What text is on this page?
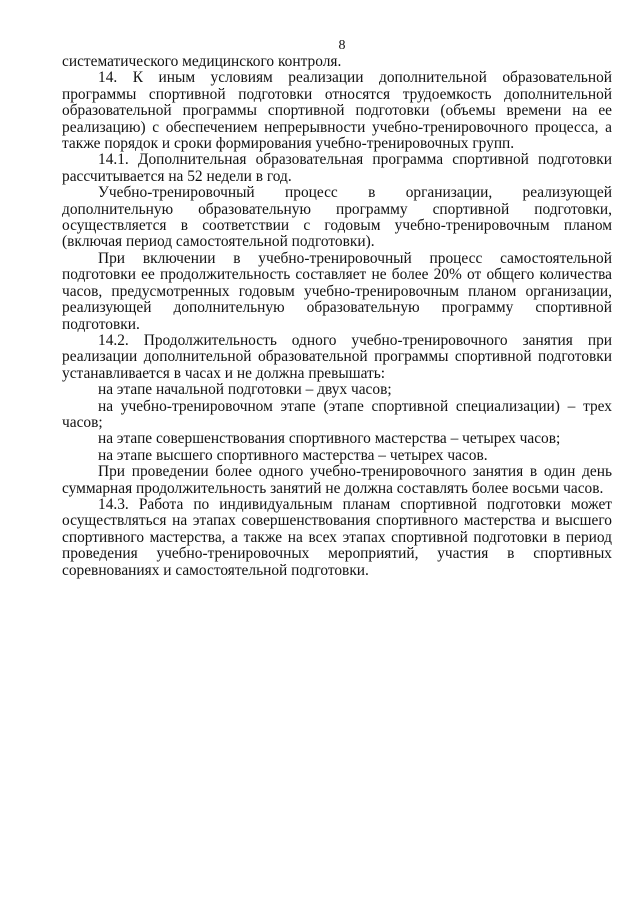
8

систематического медицинского контроля.

14. К иным условиям реализации дополнительной образовательной программы спортивной подготовки относятся трудоемкость дополнительной образовательной программы спортивной подготовки (объемы времени на ее реализацию) с обеспечением непрерывности учебно-тренировочного процесса, а также порядок и сроки формирования учебно-тренировочных групп.

14.1. Дополнительная образовательная программа спортивной подготовки рассчитывается на 52 недели в год.

Учебно-тренировочный процесс в организации, реализующей дополнительную образовательную программу спортивной подготовки, осуществляется в соответствии с годовым учебно-тренировочным планом (включая период самостоятельной подготовки).

При включении в учебно-тренировочный процесс самостоятельной подготовки ее продолжительность составляет не более 20% от общего количества часов, предусмотренных годовым учебно-тренировочным планом организации, реализующей дополнительную образовательную программу спортивной подготовки.

14.2. Продолжительность одного учебно-тренировочного занятия при реализации дополнительной образовательной программы спортивной подготовки устанавливается в часах и не должна превышать:

на этапе начальной подготовки – двух часов;

на учебно-тренировочном этапе (этапе спортивной специализации) – трех часов;

на этапе совершенствования спортивного мастерства – четырех часов;

на этапе высшего спортивного мастерства – четырех часов.

При проведении более одного учебно-тренировочного занятия в один день суммарная продолжительность занятий не должна составлять более восьми часов.

14.3. Работа по индивидуальным планам спортивной подготовки может осуществляться на этапах совершенствования спортивного мастерства и высшего спортивного мастерства, а также на всех этапах спортивной подготовки в период проведения учебно-тренировочных мероприятий, участия в спортивных соревнованиях и самостоятельной подготовки.
